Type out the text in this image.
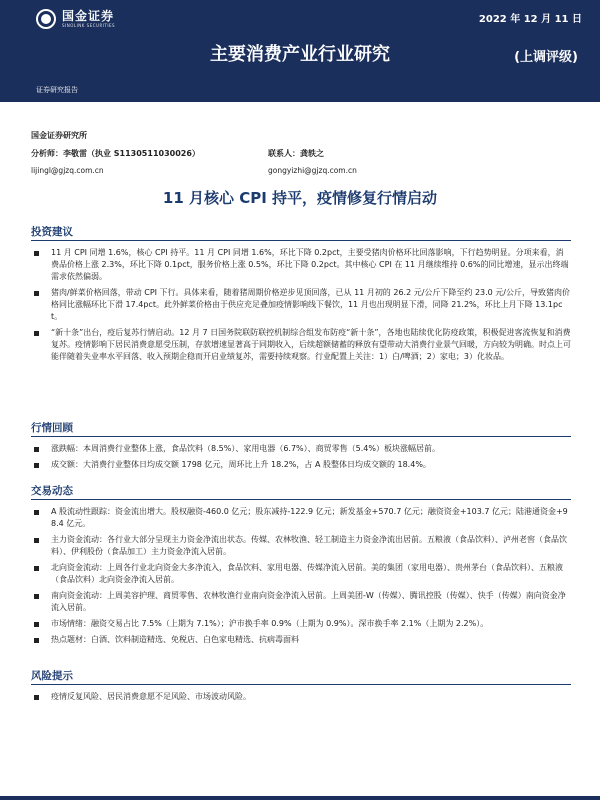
国金证券
SINOLINK SECURITIES	2022 年 12 月 11 日
主要消费产业行业研究	(上调评级)
证券研究报告
国金证券研究所
分析师：李敬雷（执业 S1130511030026）	联系人：龚轶之
lijingl@gjzq.com.cn	gongyizhi@gjzq.com.cn
11 月核心 CPI 持平，疫情修复行情启动
投资建议
11 月 CPI 同增 1.6%，核心 CPI 持平。11 月 CPI 同增 1.6%，环比下降 0.2pct，主要受猪肉价格环比回落影响，下行趋势明显。分项来看，消费品价格上涨 2.3%，环比下降 0.1pct，服务价格上涨 0.5%，环比下降 0.2pct。其中核心 CPI 在 11 月继续维持 0.6%的同比增速，显示出终端需求依然偏弱。
猪肉/鲜菜价格回落，带动 CPI 下行。具体来看，随着猪周期价格逆步见顶回落，已从 11 月初的 26.2 元/公斤下降至约 23.0 元/公斤，导致猪肉价格同比涨幅环比下滑 17.4pct。此外鲜菜价格由于供应充足叠加疫情影响线下餐饮，11 月也出现明显下滑，同降 21.2%，环比上月下降 13.1pct。
“新十条”出台，疫后复苏行情启动。12 月 7 日国务院联防联控机制综合组发布防疫“新十条”，各地也陆续优化防疫政策，积极促进客流恢复和消费复苏。疫情影响下居民消费意愿受压制，存款增速显著高于同期收入，后续超额储蓄的释放有望带动大消费行业景气回暖，方向较为明确。时点上可能伴随着失业率水平回落、收入预期企稳而开启业绩复苏，需要持续观察。行业配置上关注：1）白/啤酒；2）家电；3）化妆品。
行情回顾
涨跌幅：本周消费行业整体上涨，食品饮料（8.5%）、家用电器（6.7%）、商贸零售（5.4%）板块涨幅居前。
成交额：大消费行业整体日均成交额 1798 亿元，周环比上升 18.2%，占 A 股整体日均成交额的 18.4%。
交易动态
A 股流动性跟踪：资金流出增大。股权融资-460.0 亿元；股东减持-122.9 亿元；新发基金+570.7 亿元；融资资金+103.7 亿元；陆港通资金+98.4 亿元。
主力资金流动：各行业大部分呈现主力资金净流出状态。传媒、农林牧渔、轻工制造主力资金净流出居前。五粮液（食品饮料）、泸州老窖（食品饮料）、伊利股份（食品加工）主力资金净流入居前。
北向资金流动：上周各行业北向资金大多净流入，食品饮料、家用电器、传媒净流入居前。美的集团（家用电器）、贵州茅台（食品饮料）、五粮液（食品饮料）北向资金净流入居前。
南向资金流动：上周美容护理、商贸零售、农林牧渔行业南向资金净流入居前。上周美团-W（传媒）、腾讯控股（传媒）、快手（传媒）南向资金净流入居前。
市场情绪：融资交易占比 7.5%（上期为 7.1%）；沪市换手率 0.9%（上期为 0.9%）。深市换手率 2.1%（上期为 2.2%）。
热点题材：白酒、饮料制造精选、免税店、白色家电精选、抗病毒面料
风险提示
疫情反复风险、居民消费意愿不足风险、市场波动风险。
